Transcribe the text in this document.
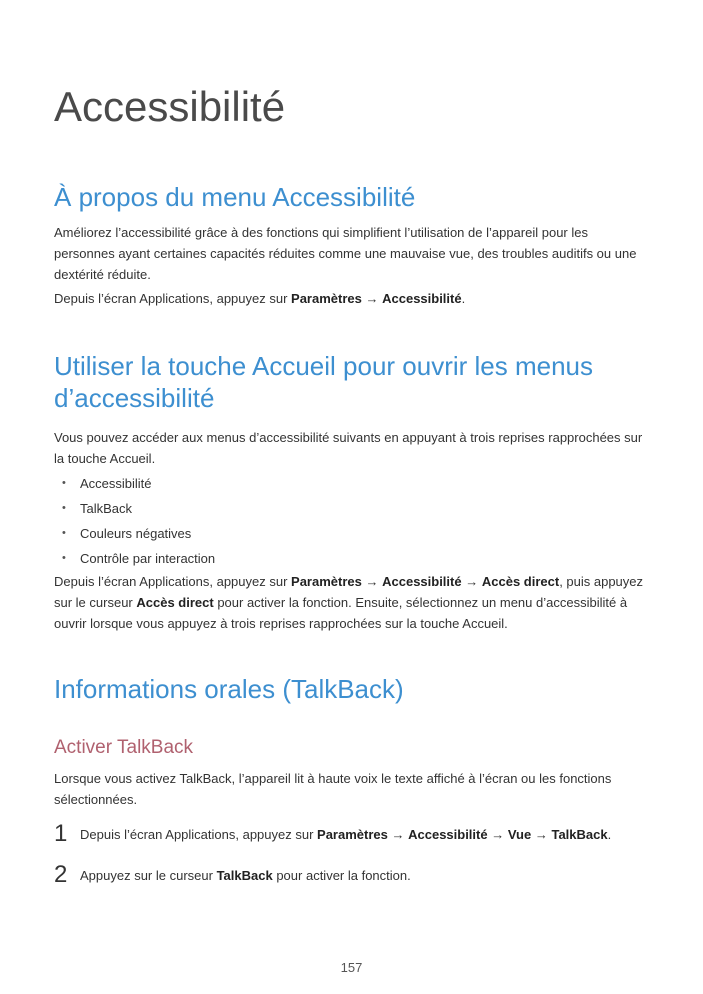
Accessibilité
À propos du menu Accessibilité

Améliorez l’accessibilité grâce à des fonctions qui simplifient l’utilisation de l’appareil pour les
personnes ayant certaines capacités réduites comme une mauvaise vue, des troubles auditifs ou une
dextérité réduite.

Depuis l’écran Applications, appuyez sur Paramètres → Accessibilité.

Utiliser la touche Accueil pour ouvrir les menus
d’accessibilité

Vous pouvez accéder aux menus d’accessibilité suivants en appuyant à trois reprises rapprochées sur
la touche Accueil.

• Accessibilité
• TalkBack
• Couleurs négatives
• Contrôle par interaction

Depuis l’écran Applications, appuyez sur Paramètres → Accessibilité → Accès direct, puis appuyez
sur le curseur Accès direct pour activer la fonction. Ensuite, sélectionnez un menu d’accessibilité à
ouvrir lorsque vous appuyez à trois reprises rapprochées sur la touche Accueil.

Informations orales (TalkBack)
Activer TalkBack

Lorsque vous activez TalkBack, l’appareil lit à haute voix le texte affiché à l’écran ou les fonctions
sélectionnées.

1 Depuis l’écran Applications, appuyez sur Paramètres → Accessibilité → Vue → TalkBack.
2 Appuyez sur le curseur TalkBack pour activer la fonction.
157
